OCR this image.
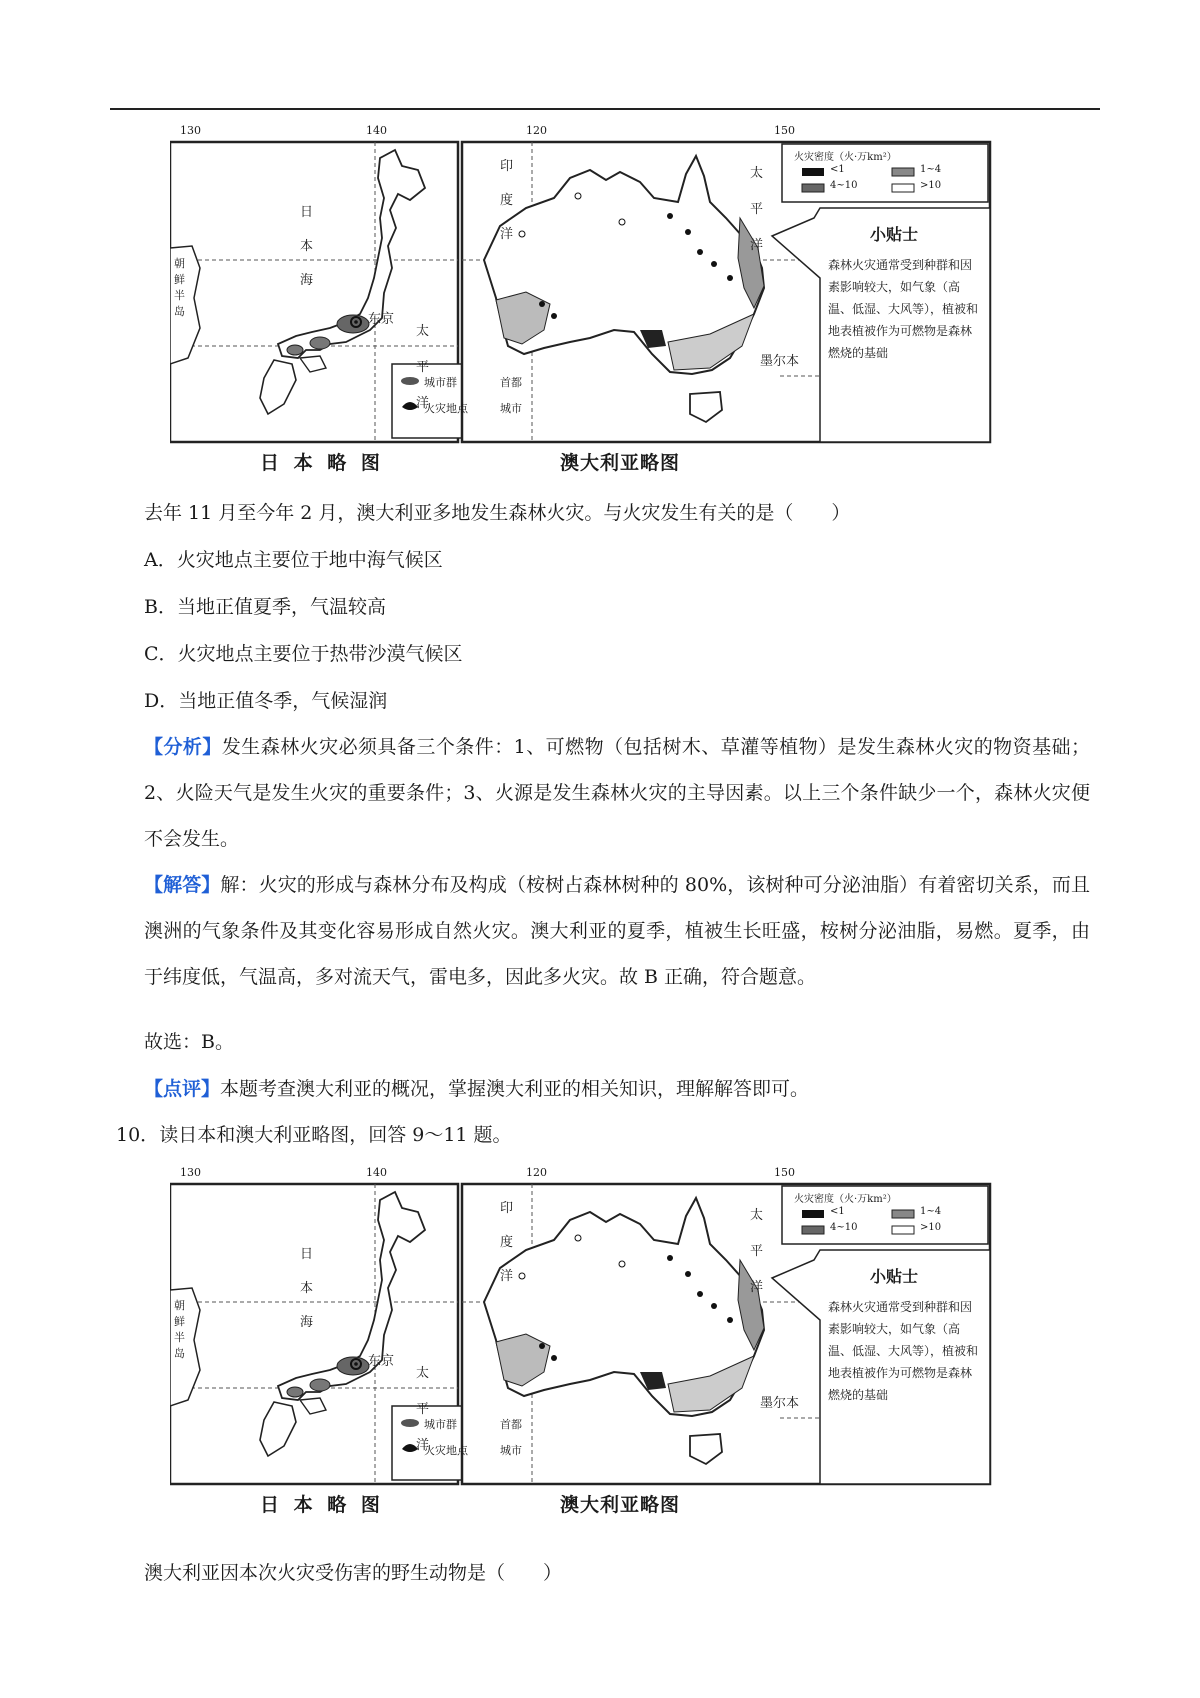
130	140
日
本
海
朝
鲜
半
岛
东京
太
平
洋
城市群	首都
火灾地点	城市
日 本 略 图
120	150
印
度
洋
太
平
洋
墨尔本
火灾密度（火·万km²）
<1	1~4
4~10	>10
小贴士
森林火灾通常受到种群和因素影响较大，如气象（高温、低湿、大风等），植被和地表植被作为可燃物是森林燃烧的基础
澳大利亚略图
去年 11 月至今年 2 月，澳大利亚多地发生森林火灾。与火灾发生有关的是（　　）
A．火灾地点主要位于地中海气候区
B．当地正值夏季，气温较高
C．火灾地点主要位于热带沙漠气候区
D．当地正值冬季，气候湿润
【分析】发生森林火灾必须具备三个条件：1、可燃物（包括树木、草灌等植物）是发生森林火灾的物资基础；2、火险天气是发生火灾的重要条件；3、火源是发生森林火灾的主导因素。以上三个条件缺少一个，森林火灾便不会发生。
【解答】解：火灾的形成与森林分布及构成（桉树占森林树种的 80%，该树种可分泌油脂）有着密切关系，而且澳洲的气象条件及其变化容易形成自然火灾。澳大利亚的夏季，植被生长旺盛，桉树分泌油脂，易燃。夏季，由于纬度低，气温高，多对流天气，雷电多，因此多火灾。故 B 正确，符合题意。
故选：B。
【点评】本题考查澳大利亚的概况，掌握澳大利亚的相关知识，理解解答即可。
10．读日本和澳大利亚略图，回答 9～11 题。
130	140
日
本
海
朝
鲜
半
岛
东京
太
平
洋
城市群	首都
火灾地点	城市
日 本 略 图
120	150
印
度
洋
太
平
洋
墨尔本
火灾密度（火·万km²）
<1	1~4
4~10	>10
小贴士
森林火灾通常受到种群和因素影响较大，如气象（高温、低湿、大风等），植被和地表植被作为可燃物是森林燃烧的基础
澳大利亚略图
澳大利亚因本次火灾受伤害的野生动物是（　　）
